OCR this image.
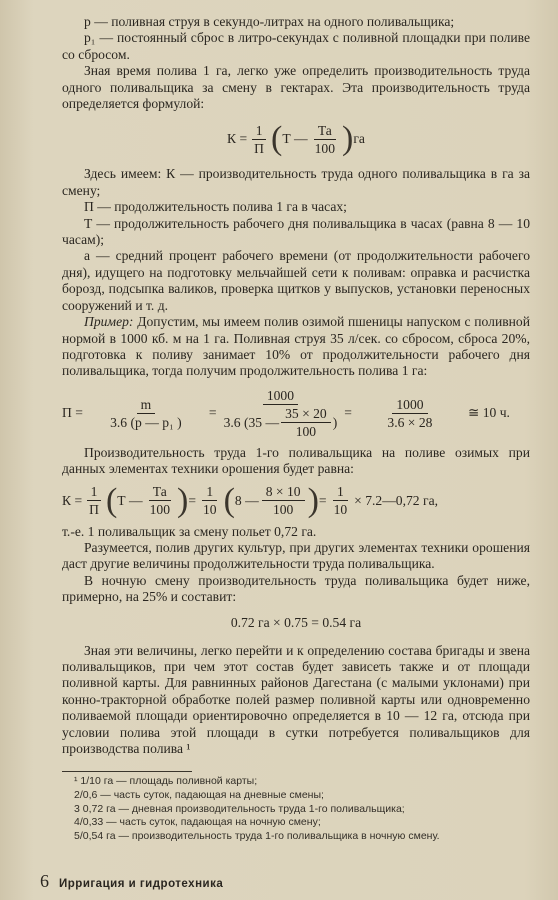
р — поливная струя в секундо-литрах на одного поливальщика;

р₁ — постоянный сброс в литро-секундах с поливной площадки при поливе со сбросом.

Зная время полива 1 га, легко уже определить производительность труда одного поливальщика за смену в гектарах. Эта производительность труда определяется формулой:

$К = \frac{1}{П}$ ( Т — $\frac{Та}{100}$ ) га

Здесь имеем: К — производительность труда одного поливальщика в га за смену;

П — продолжительность полива 1 га в часах;

Т — продолжительность рабочего дня поливальщика в часах (равна 8 — 10 часам);

а — средний процент рабочего времени (от продолжительности рабочего дня), идущего на подготовку мельчайшей сети к поливам: оправка и расчистка борозд, подсыпка валиков, проверка щитков у выпусков, установки переносных сооружений и т. д.

Пример: Допустим, мы имеем полив озимой пшеницы напуском с поливной нормой в 1000 кб. м на 1 га. Поливная струя 35 л/сек. со сбросом, сброса 20%, подготовка к поливу занимает 10% от продолжительности рабочего дня поливальщика, тогда получим продолжительность полива 1 га:

$П = \frac{m}{\text{3.6 (р — р₁ )}} = \frac{1000}{3.6 (35 — \frac{35 \times 20}{100} )} = \frac{1000}{3.6 \times 28}$ ≅ 10 ч.

Производительность труда 1-го поливальщика на поливе озимых при данных элементах техники орошения будет равна:

$К = \frac{1}{П}$ ( Т — $\frac{Та}{100}$ ) = $\frac{1}{10}$ ( 8 — $\frac{8 \times 10}{100}$ ) = $\frac{1}{10}$ × 7.2—0,72 га,

т.-е. 1 поливальщик за смену польет 0,72 га.

Разумеется, полив других культур, при других элементах техники орошения даст другие величины продолжительности труда поливальщика.

В ночную смену производительность труда поливальщика будет ниже, примерно, на 25% и составит:

0.72 га × 0.75 = 0.54 га

Зная эти величины, легко перейти и к определению состава бригады и звена поливальщиков, при чем этот состав будет зависеть также и от площади поливной карты. Для равнинных районов Дагестана (с малыми уклонами) при конно-тракторной обработке полей размер поливной карты или одновременно поливаемой площади ориентировочно определяется в 10 — 12 га, отсюда при условии полива этой площади в сутки потребуется поливальщиков для производства полива ¹

¹ 1/10 га — площадь поливной карты;

2/0,6 — часть суток, падающая на дневные смены;

3 0,72 га — дневная производительность труда 1-го поливальщика;

4/0,33 — часть суток, падающая на ночную смену;

5/0,54 га — производительность труда 1-го поливальщика в ночную смену.

6 Ирригация и гидротехника
